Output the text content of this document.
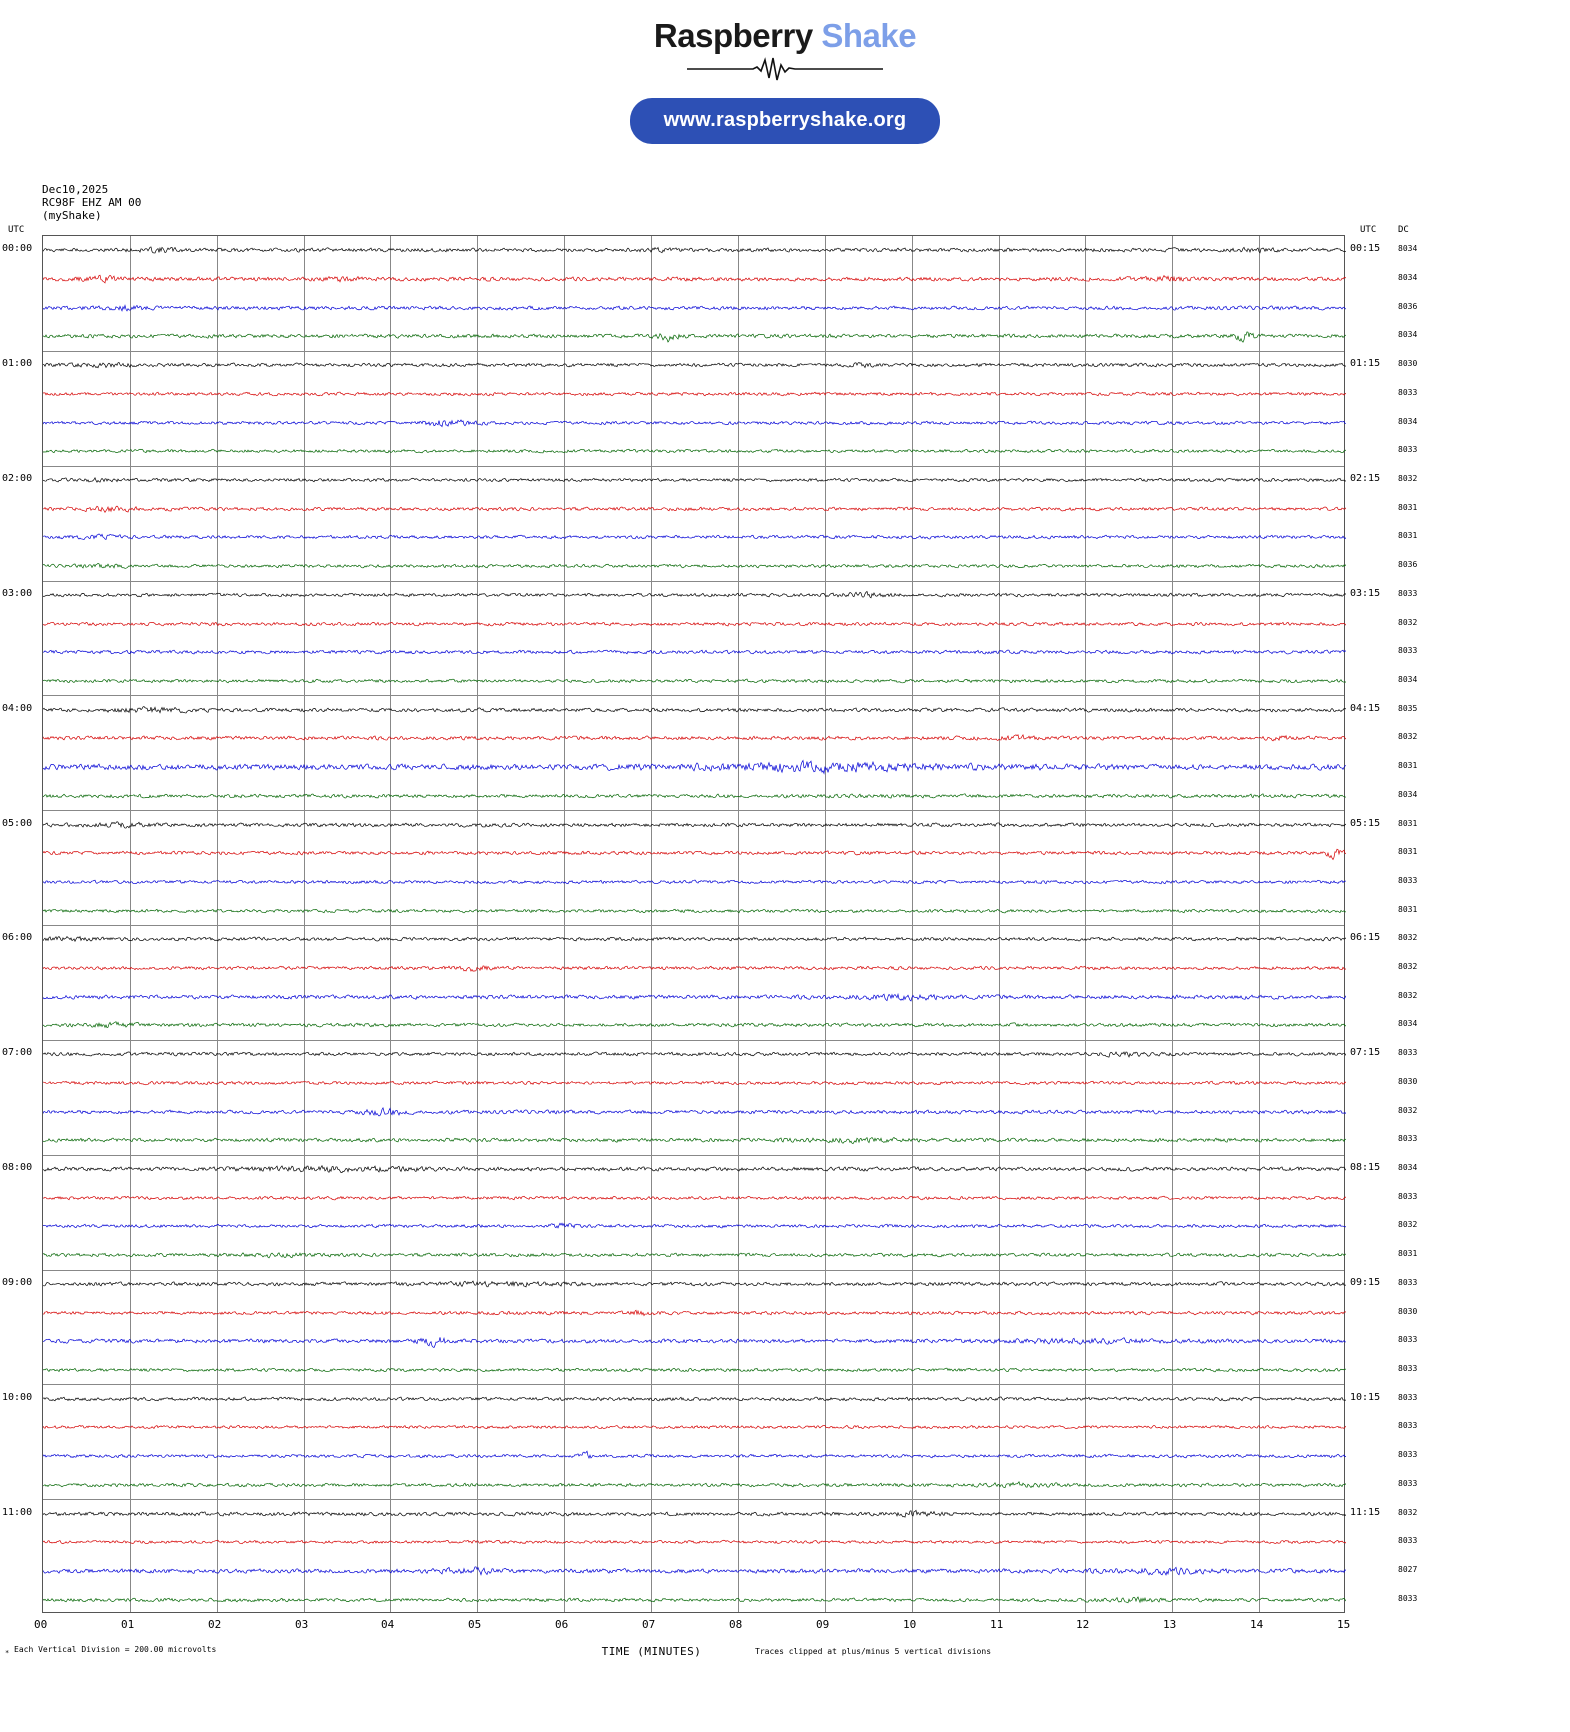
Raspberry Shake
www.raspberryshake.org
Dec10,2025
RC98F EHZ AM 00
(myShake)
UTC	UTC DC
00:00	00:15
01:00	01:15
02:00	02:15
03:00	03:15
04:00	04:15
05:00	05:15
06:00	06:15
07:00	07:15
08:00	08:15
09:00	09:15
10:00	10:15
11:00	11:15
8034
8034
8036
8034
8030
8033
8034
8033
8032
8031
8031
8036
8033
8032
8033
8034
8035
8032
8031
8034
8031
8031
8033
8031
8032
8032
8032
8034
8033
8030
8032
8033
8034
8033
8032
8031
8033
8030
8033
8033
8033
8033
8033
8033
8032
8033
8027
8033
00	01	02	03	04	05	06	07	08	09	10	11	12	13	14	15
TIME (MINUTES)
* Each Vertical Division = 200.00 microvolts	Traces clipped at plus/minus 5 vertical divisions
